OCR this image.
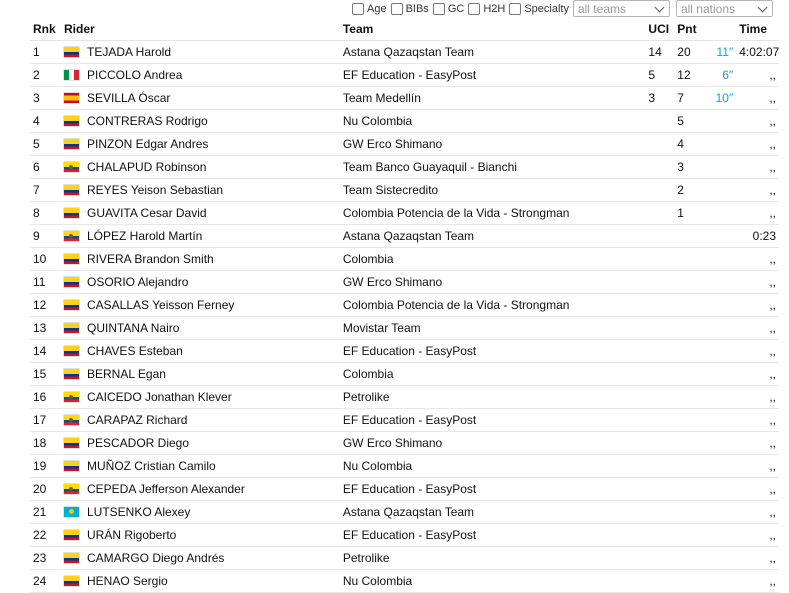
Age BIBs GC H2H Specialty all teams	all nations
Rnk	Rider	Team	UCI	Pnt		Time
1	TEJADA Harold	Astana Qazaqstan Team	14	20	11″	4:02:07
2	PICCOLO Andrea	EF Education - EasyPost	5	12	6″	,,
3	SEVILLA Óscar	Team Medellín	3	7	10″	,,
4	CONTRERAS Rodrigo	Nu Colombia		5		,,
5	PINZON Edgar Andres	GW Erco Shimano		4		,,
6	CHALAPUD Robinson	Team Banco Guayaquil - Bianchi		3		,,
7	REYES Yeison Sebastian	Team Sistecredito		2		,,
8	GUAVITA Cesar David	Colombia Potencia de la Vida - Strongman		1		,,
9	LÓPEZ Harold Martín	Astana Qazaqstan Team				0:23
10	RIVERA Brandon Smith	Colombia				,,
11	OSORIO Alejandro	GW Erco Shimano				,,
12	CASALLAS Yeisson Ferney	Colombia Potencia de la Vida - Strongman				,,
13	QUINTANA Nairo	Movistar Team				,,
14	CHAVES Esteban	EF Education - EasyPost				,,
15	BERNAL Egan	Colombia				,,
16	CAICEDO Jonathan Klever	Petrolike				,,
17	CARAPAZ Richard	EF Education - EasyPost				,,
18	PESCADOR Diego	GW Erco Shimano				,,
19	MUÑOZ Cristian Camilo	Nu Colombia				,,
20	CEPEDA Jefferson Alexander	EF Education - EasyPost				,,
21	LUTSENKO Alexey	Astana Qazaqstan Team				,,
22	URÁN Rigoberto	EF Education - EasyPost				,,
23	CAMARGO Diego Andrés	Petrolike				,,
24	HENAO Sergio	Nu Colombia				,,
